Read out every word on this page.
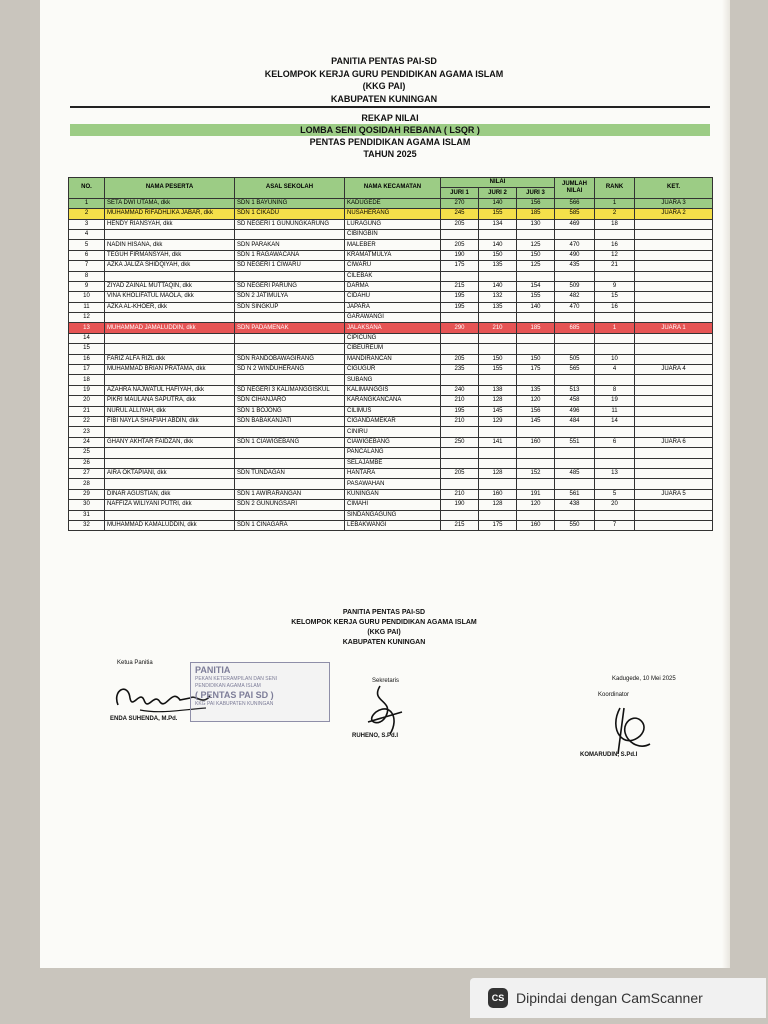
PANITIA PENTAS PAI-SD
KELOMPOK KERJA GURU PENDIDIKAN AGAMA ISLAM
(KKG PAI)
KABUPATEN KUNINGAN
REKAP NILAI
LOMBA SENI QOSIDAH REBANA ( LSQR )
PENTAS PENDIDIKAN AGAMA ISLAM
TAHUN 2025
NO.	NAMA PESERTA	ASAL SEKOLAH	NAMA KECAMATAN	NILAI			JUMLAH NILAI	RANK	KET.
				JURI 1	JURI 2	JURI 3			
1	SETA DWI UTAMA, dkk	SDN 1 BAYUNING	KADUGEDE	270	140	156	566	1	JUARA 3
2	MUHAMMAD RIFADHLIKA JABAR, dkk	SDN 1 CIKADU	NUSAHERANG	245	155	185	585	2	JUARA 2
3	HENDY RIANSYAH, dkk	SD NEGERI 1 GUNUNGKARUNG	LURAGUNG	205	134	130	469	18	
4			CIBINGBIN						
5	NADIN HISANA, dkk	SDN PARAKAN	MALEBER	205	140	125	470	16	
6	TEGUH FIRMANSYAH, dkk	SDN 1 RAGAWACANA	KRAMATMULYA	190	150	150	490	12	
7	AZKA JALIZA SHIDQIYAH, dkk	SD NEGERI 1 CIWARU	CIWARU	175	135	125	435	21	
8			CILEBAK						
9	ZIYAD ZAINAL MUTTAQIN, dkk	SD NEGERI PARUNG	DARMA	215	140	154	509	9	
10	VINA KHOLIFATUL MAOLA, dkk	SDN 2 JATIMULYA	CIDAHU	195	132	155	482	15	
11	AZKA AL-KHOER, dkk	SDN SINGKUP	JAPARA	195	135	140	470	16	
12			GARAWANGI						
13	MUHAMMAD JAMALUDDIN, dkk	SDN PADAMENAK	JALAKSANA	290	210	185	685	1	JUARA 1
14			CIPICUNG						
15			CIBEUREUM						
16	FARIZ ALFA RIZL dkk	SDN RANDOBAWAGIRANG	MANDIRANCAN	205	150	150	505	10	
17	MUHAMMAD BRIAN PRATAMA, dkk	SD N 2 WINDUHERANG	CIGUGUR	235	155	175	565	4	JUARA 4
18			SUBANG						
19	AZAHRA NAJWATUL HAFIYAH, dkk	SD NEGERI 3 KALIMANGGISKUL	KALIMANGGIS	240	138	135	513	8	
20	PIKRI MAULANA SAPUTRA, dkk	SDN CIHANJARO	KARANGKANCANA	210	128	120	458	19	
21	NURUL ALLIYAH, dkk	SDN 1 BOJONG	CILIMUS	195	145	156	496	11	
22	FIBI NAYLA SHAFIAH ABDIN, dkk	SDN BABAKANJATI	CIGANDAMEKAR	210	129	145	484	14	
23			CINIRU						
24	GHANY AKHTAR FAIDZAN, dkk	SDN 1 CIAWIGEBANG	CIAWIGEBANG	250	141	160	551	6	JUARA 6
25			PANCALANG						
26			SELAJAMBE						
27	AIRA OKTAPIANI, dkk	SDN TUNDAGAN	HANTARA	205	128	152	485	13	
28			PASAWAHAN						
29	DINAR AGUSTIAN, dkk	SDN 1 AWIRARANGAN	KUNINGAN	210	160	191	561	5	JUARA 5
30	NAFFIZA WILIYANI PUTRI, dkk	SDN 2 GUNUNGSARI	CIMAHI	190	128	120	438	20	
31			SINDANGAGUNG						
32	MUHAMMAD KAMALUDDIN, dkk	SDN 1 CINAGARA	LEBAKWANGI	215	175	160	550	7	
PANITIA PENTAS PAI-SD
KELOMPOK KERJA GURU PENDIDIKAN AGAMA ISLAM
(KKG PAI)
KABUPATEN KUNINGAN
Ketua Panitia
ENDA SUHENDA, M.Pd.
PANITIA
PEKAN KETERAMPILAN DAN SENI
PENDIDIKAN AGAMA ISLAM
( PENTAS PAI SD )
KKG PAI KABUPATEN KUNINGAN
Sekretaris
RUHENO, S.Pd.I
Kadugede, 10 Mei 2025
Koordinator
KOMARUDIN, S.Pd.I
CS Dipindai dengan CamScanner
